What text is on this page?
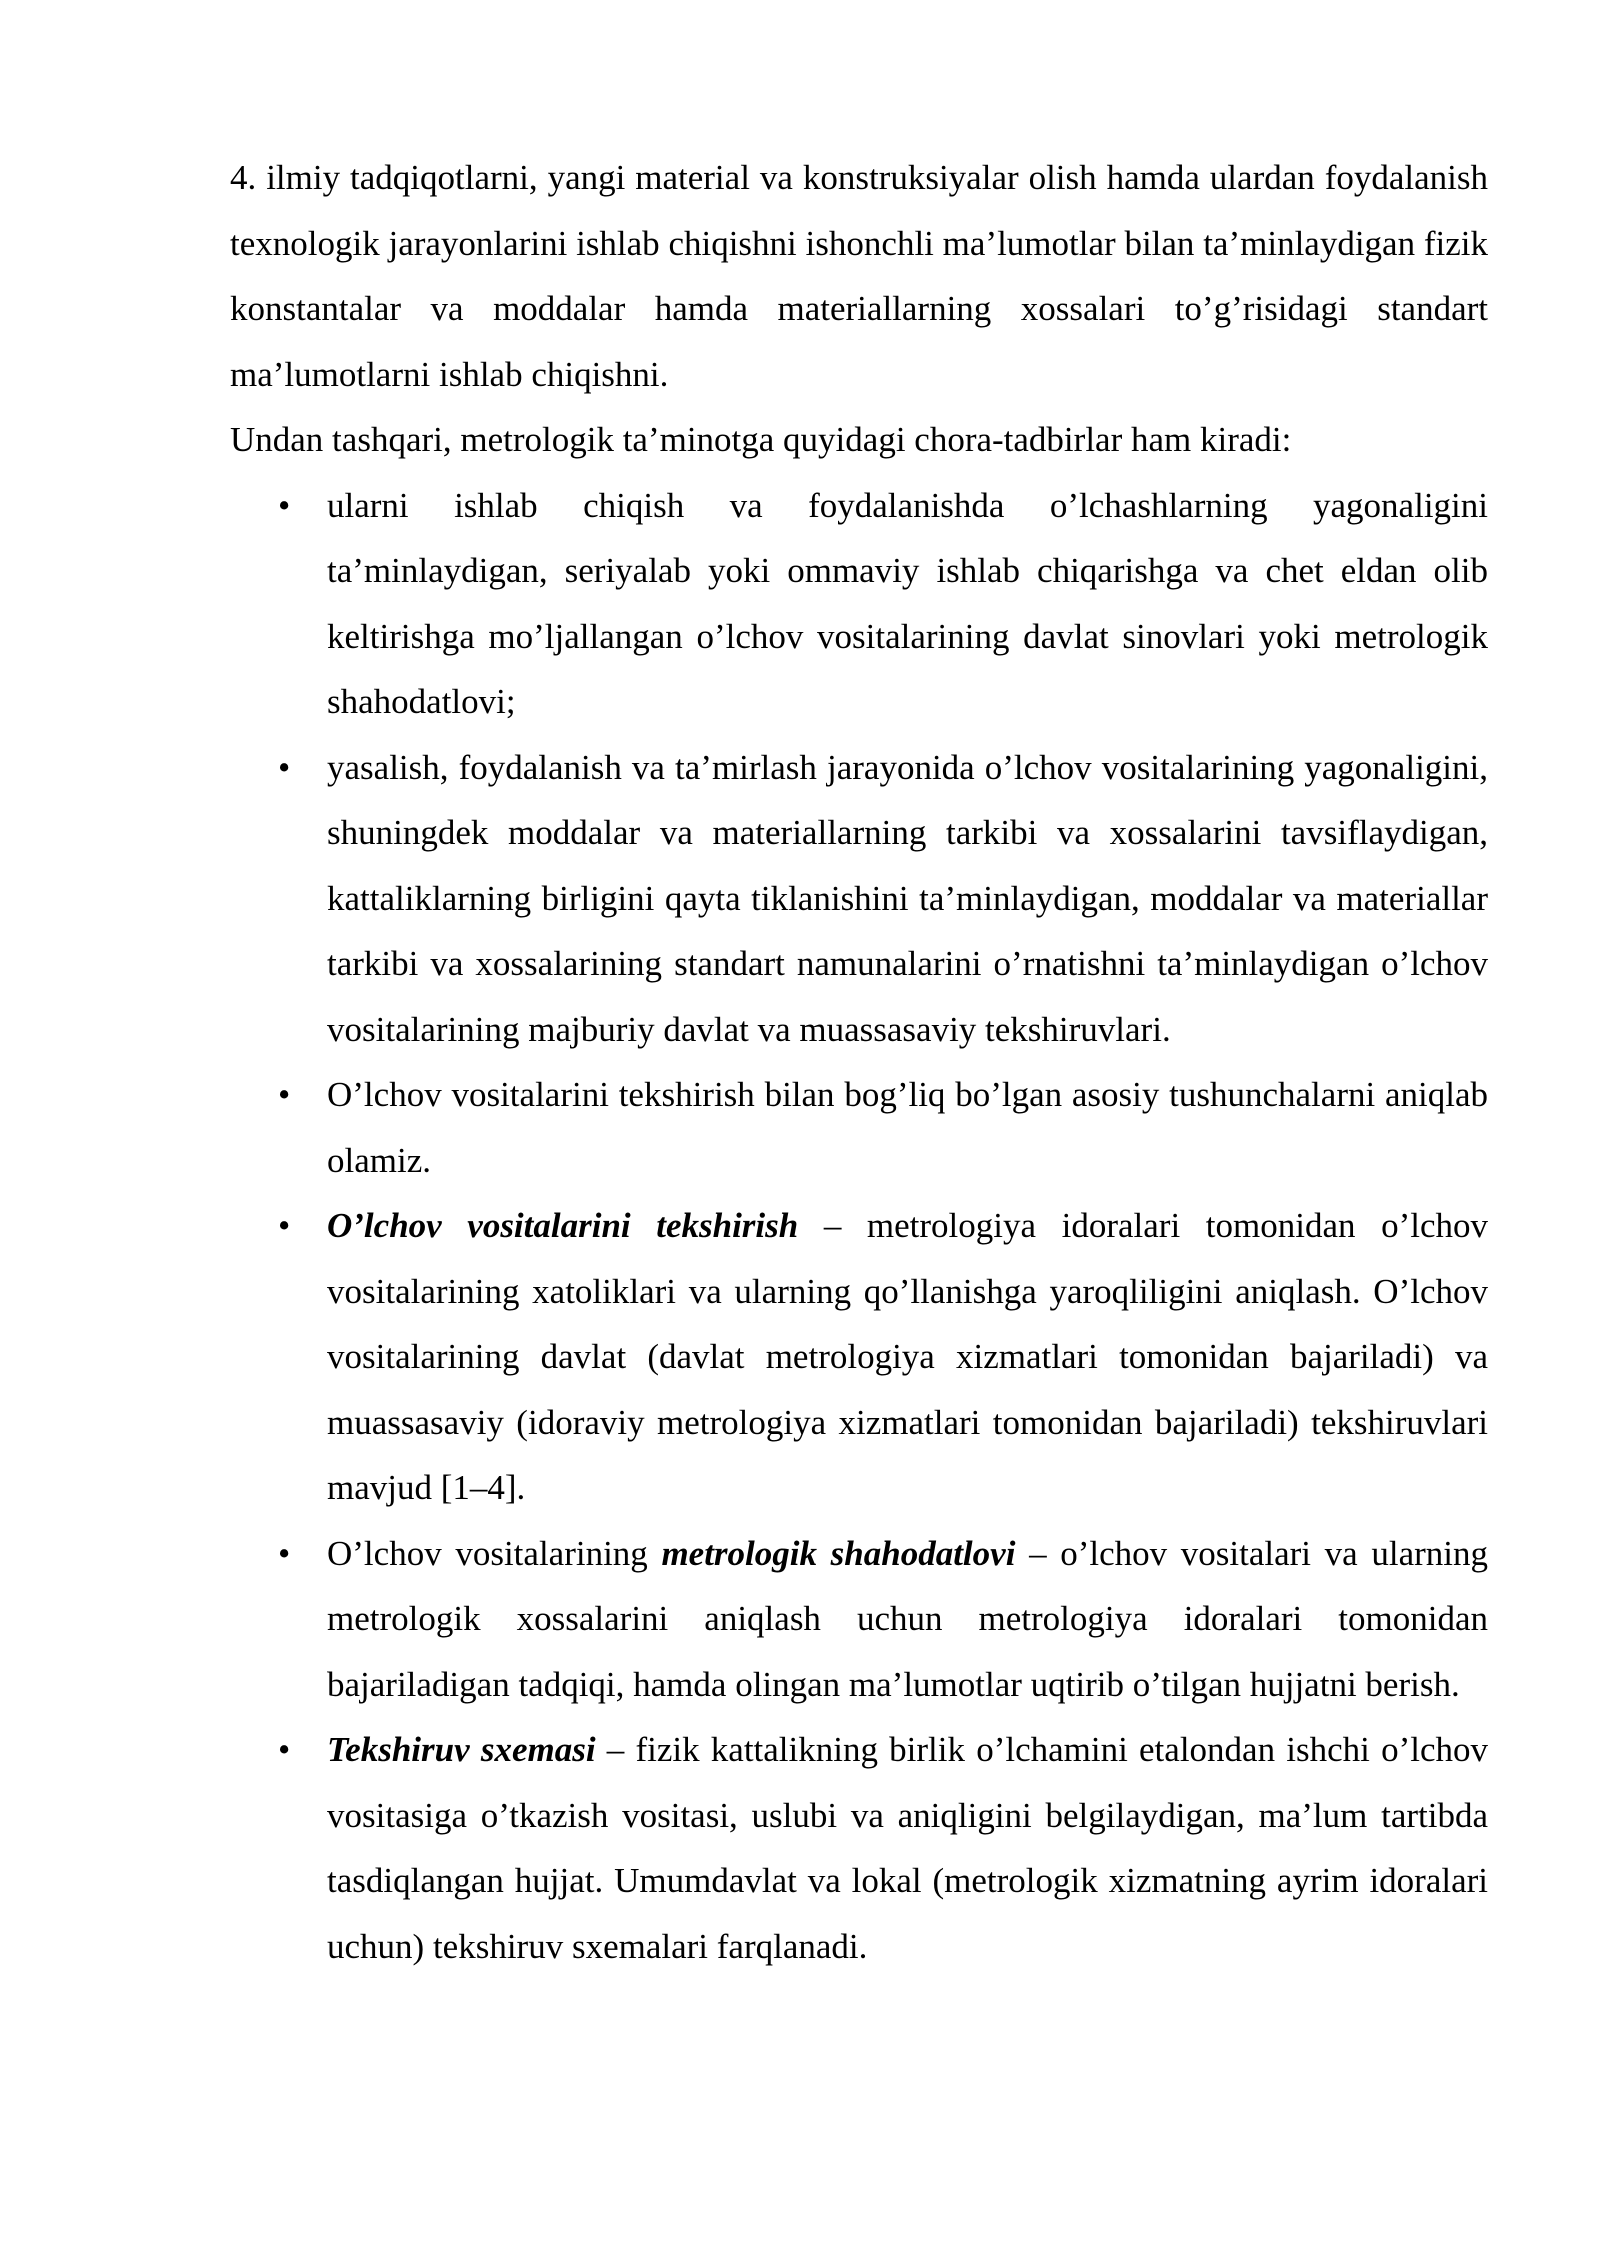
4. ilmiy tadqiqotlarni, yangi material va konstruksiyalar olish hamda ulardan foydalanish texnologik jarayonlarini ishlab chiqishni ishonchli ma’lumotlar bilan ta’minlaydigan fizik konstantalar va moddalar hamda materiallarning xossalari to’g’risidagi standart ma’lumotlarni ishlab chiqishni.

Undan tashqari, metrologik ta’minotga quyidagi chora-tadbirlar ham kiradi:

• ularni ishlab chiqish va foydalanishda o’lchashlarning yagonaligini ta’minlaydigan, seriyalab yoki ommaviy ishlab chiqarishga va chet eldan olib keltirishga mo’ljallangan o’lchov vositalarining davlat sinovlari yoki metrologik shahodatlovi;
• yasalish, foydalanish va ta’mirlash jarayonida o’lchov vositalarining yagonaligini, shuningdek moddalar va materiallarning tarkibi va xossalarini tavsiflaydigan, kattaliklarning birligini qayta tiklanishini ta’minlaydigan, moddalar va materiallar tarkibi va xossalarining standart namunalarini o’rnatishni ta’minlaydigan o’lchov vositalarining majburiy davlat va muassasaviy tekshiruvlari.
• O’lchov vositalarini tekshirish bilan bog’liq bo’lgan asosiy tushunchalarni aniqlab olamiz.
• O’lchov vositalarini tekshirish – metrologiya idoralari tomonidan o’lchov vositalarining xatoliklari va ularning qo’llanishga yaroqliligini aniqlash. O’lchov vositalarining davlat (davlat metrologiya xizmatlari tomonidan bajariladi) va muassasaviy (idoraviy metrologiya xizmatlari tomonidan bajariladi) tekshiruvlari mavjud [1–4].
• O’lchov vositalarining metrologik shahodatlovi – o’lchov vositalari va ularning metrologik xossalarini aniqlash uchun metrologiya idoralari tomonidan bajariladigan tadqiqi, hamda olingan ma’lumotlar uqtirib o’tilgan hujjatni berish.
• Tekshiruv sxemasi – fizik kattalikning birlik o’lchamini etalondan ishchi o’lchov vositasiga o’tkazish vositasi, uslubi va aniqligini belgilaydigan, ma’lum tartibda tasdiqlangan hujjat. Umumdavlat va lokal (metrologik xizmatning ayrim idoralari uchun) tekshiruv sxemalari farqlanadi.
